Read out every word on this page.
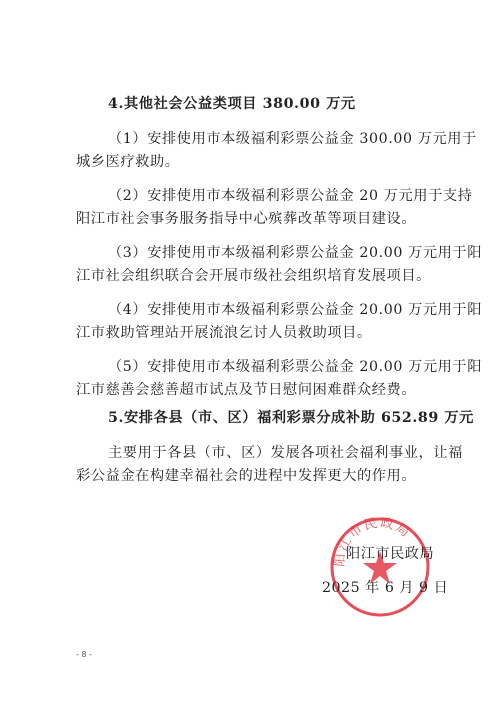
4.其他社会公益类项目 380.00 万元
（1）安排使用市本级福利彩票公益金 300.00 万元用于
城乡医疗救助。
（2）安排使用市本级福利彩票公益金 20 万元用于支持
阳江市社会事务服务指导中心殡葬改革等项目建设。
（3）安排使用市本级福利彩票公益金 20.00 万元用于阳
江市社会组织联合会开展市级社会组织培育发展项目。
（4）安排使用市本级福利彩票公益金 20.00 万元用于阳
江市救助管理站开展流浪乞讨人员救助项目。
（5）安排使用市本级福利彩票公益金 20.00 万元用于阳
江市慈善会慈善超市试点及节日慰问困难群众经费。
5.安排各县（市、区）福利彩票分成补助 652.89 万元
主要用于各县（市、区）发展各项社会福利事业，让福
彩公益金在构建幸福社会的进程中发挥更大的作用。
阳江市民政局
阳江市民政局
2025 年 6 月 9 日
- 8 -
